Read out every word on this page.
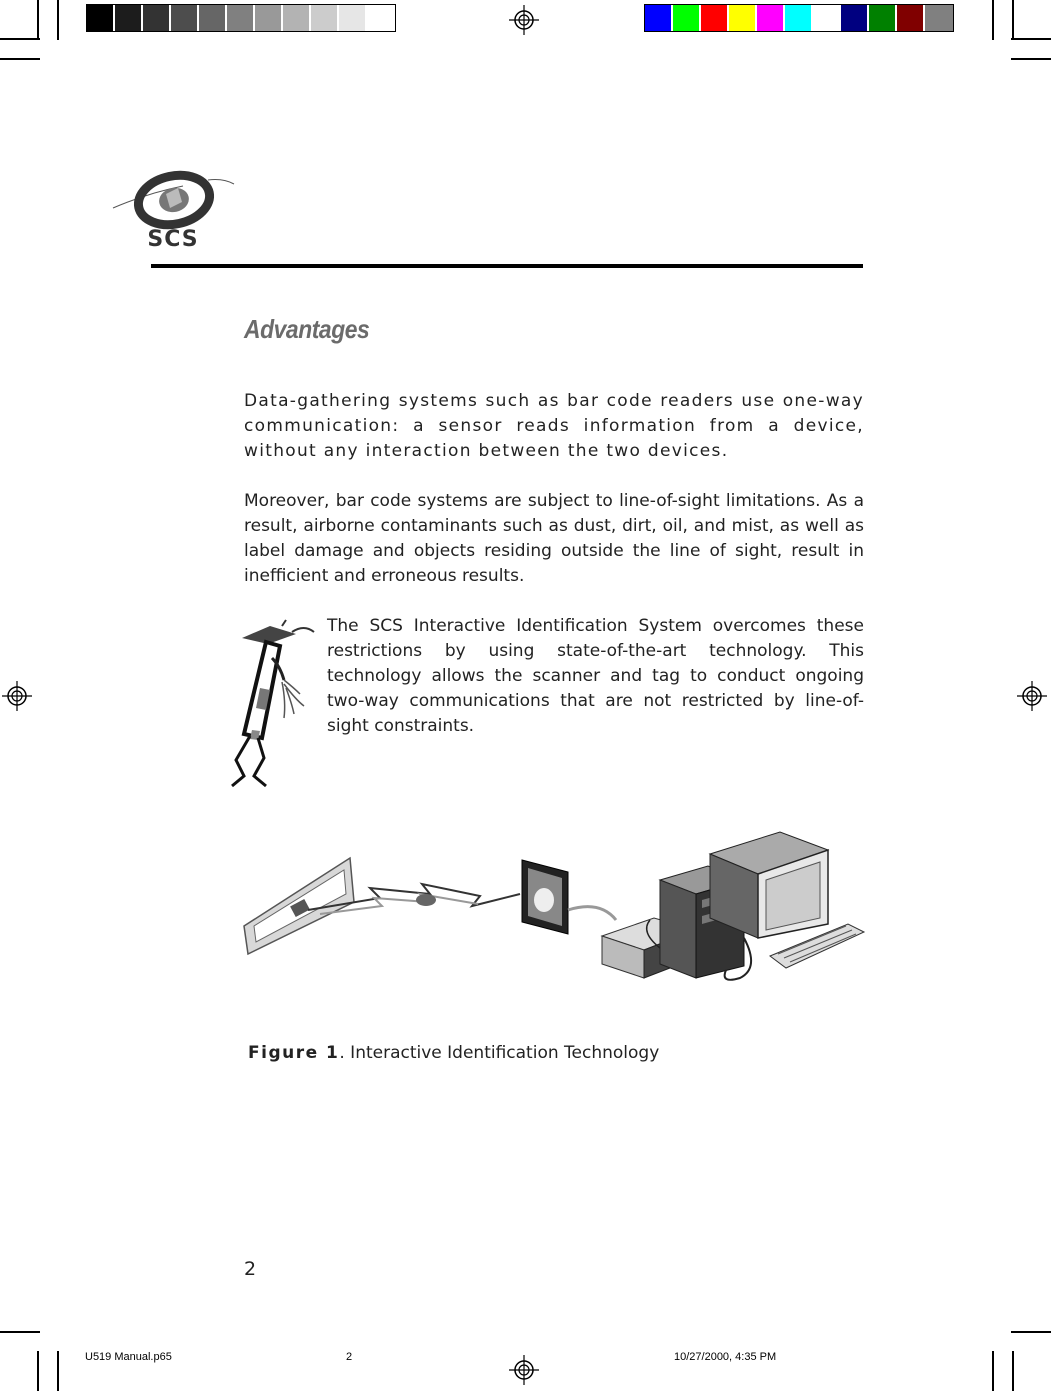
SCS
Advantages
Data-gathering systems such as bar code readers use one-way communication: a sensor reads information from a device, without any interaction between the two devices.
Moreover, bar code systems are subject to line-of-sight limitations. As a result, airborne contaminants such as dust, dirt, oil, and mist, as well as label damage and objects residing outside the line of sight, result in inefficient and erroneous results.
The SCS Interactive Identification System overcomes these restrictions by using state-of-the-art technology. This technology allows the scanner and tag to conduct ongoing two-way communications that are not restricted by line-of-sight constraints.
Figure 1. Interactive Identification Technology
2
U519 Manual.p65	2	10/27/2000, 4:35 PM
